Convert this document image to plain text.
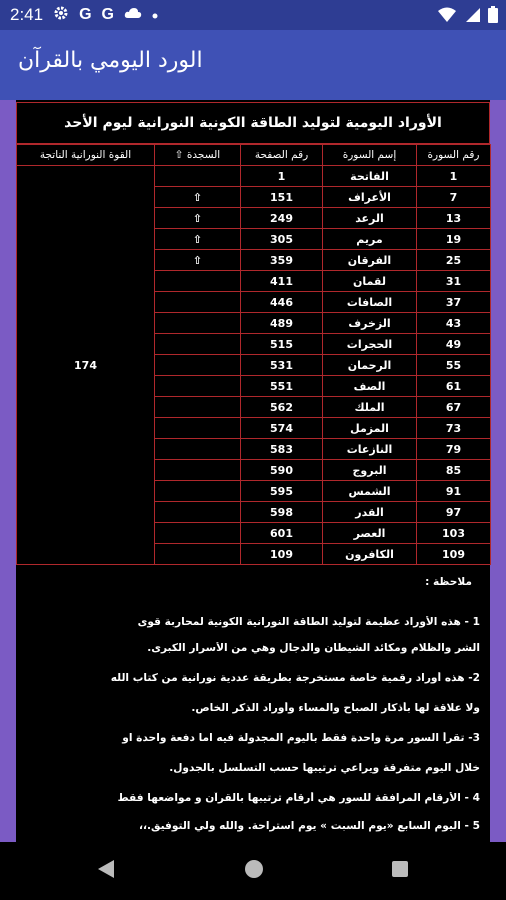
2:41 G G
الورد اليومي بالقرآن
الأوراد اليومية لتوليد الطاقة الكونية النورانية ليوم الأحد
رقم السورة	إسم السورة	رقم الصفحة	السجدة ⇧	القوة النورانية الناتجة
1	الفاتحة	1		174
7	الأعراف	151	⇧	
13	الرعد	249	⇧	
19	مريم	305	⇧	
25	الفرقان	359	⇧	
31	لقمان	411		
37	الصافات	446		
43	الزخرف	489		
49	الحجرات	515		
55	الرحمان	531		
61	الصف	551		
67	الملك	562		
73	المزمل	574		
79	النازعات	583		
85	البروج	590		
91	الشمس	595		
97	القدر	598		
103	العصر	601		
109	الكافرون	109		
ملاحظة :
1 - هذه الأوراد عظيمة لتوليد الطاقة النورانية الكونية لمحاربة قوى
الشر والظلام ومكائد الشيطان والدجال وهي من الأسرار الكبرى.
2- هذه أوراد رقمية خاصة مستخرجة بطريقة عددية نورانية من كتاب الله
ولا علاقة لها بأذكار الصباح والمساء وأوراد الذكر الخاص.
3- تقرأ السور مرة واحدة فقط باليوم المجدولة فيه اما دفعة واحدة او
خلال اليوم متفرقة ويراعي ترتيبها حسب التسلسل بالجدول.
4 - الأرقام المرافقة للسور هي أرقام ترتيبها بالقرآن و مواضعها فقط
5 - اليوم السابع «يوم السبت » يوم استراحة. والله ولي التوفيق.،،
